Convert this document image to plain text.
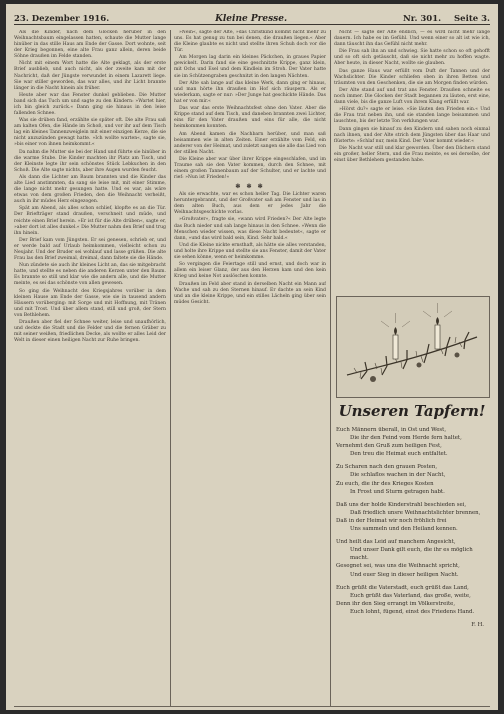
23. Dezember 1916.	Kleine Presse.	Nr. 301. Seite 3.

Als die Kinder, nach dem Glocken herüber in den Weihnachtsbaum eingelassen hatten, schaute die Mutter lange hinüber in das stille Haus am Ende der Gasse. Dort wohnte, seit der Krieg begonnen, eine alte Frau ganz allein, deren beide Söhne draußen im Felde standen.

Nicht mit einem Wort hatte die Alte geklagt, als der erste Brief ausblieb, und auch nicht, als der zweite kam mit der Nachricht, daß der Jüngste verwundet in einem Lazarett liege. Sie war stiller geworden, das war alles, und ihr Licht brannte länger in die Nacht hinein als früher.

Heute aber war das Fenster dunkel geblieben. Die Mutter band sich das Tuch um und sagte zu den Kindern: »Wartet hier, ich bin gleich zurück.« Dann ging sie hinaus in den leise fallenden Schnee.

Was sie drüben fand, erzählte sie später oft. Die alte Frau saß am kalten Ofen, die Hände im Schoß, und vor ihr auf dem Tisch lag ein kleines Tannenzweiglein mit einer einzigen Kerze, die sie nicht anzuzünden gewagt hatte. »Ich wollte warten«, sagte sie, »bis einer von ihnen heimkommt.«

Da nahm die Mutter sie bei der Hand und führte sie hinüber in die warme Stube. Die Kinder machten ihr Platz am Tisch, und der Kleinste legte ihr sein schönstes Stück Lebkuchen in den Schoß. Die Alte sagte nichts, aber ihre Augen wurden feucht.

Als dann die Lichter am Baum brannten und die Kinder das alte Lied anstimmten, da sang sie leise mit, mit einer Stimme, die lange nicht mehr gesungen hatte. Und es war, als wäre etwas von dem großen Frieden, den die Weihnacht verheißt, auch in ihr müdes Herz eingezogen.

Spät am Abend, als alles schon schlief, klopfte es an die Tür. Der Briefträger stand draußen, verschneit und müde, und reichte einen Brief herein. »Er ist für die Alte drüben«, sagte er, »aber dort ist alles dunkel.« Die Mutter nahm den Brief und trug ihn hinein.

Der Brief kam vom Jüngsten. Er sei genesen, schrieb er, und er werde bald auf Urlaub heimkommen, vielleicht schon zu Neujahr. Und der Bruder sei wohlauf und lasse grüßen. Die alte Frau las den Brief zweimal, dreimal, dann faltete sie die Hände.

Nun zündete sie auch ihr kleines Licht an, das sie mitgebracht hatte, und stellte es neben die anderen Kerzen unter den Baum. Es brannte so still und klar wie die andern alle, und die Mutter meinte, es sei das schönste von allen gewesen.

So ging die Weihnacht des Kriegsjahres vorüber in dem kleinen Hause am Ende der Gasse, wie sie in tausend andern Häusern vorüberging: mit Sorge und mit Hoffnung, mit Tränen und mit Trost. Und über allem stand, still und groß, der Stern von Bethlehem.

Draußen aber fiel der Schnee weiter, leise und unaufhörlich, und deckte die Stadt und die Felder und die fernen Gräber zu mit seiner weißen, friedlichen Decke, als wollte er alles Leid der Welt in dieser einen heiligen Nacht zur Ruhe bringen.

»Nein«, sagte der Alte, »das Christkind kommt nicht mehr zu uns. Es hat genug zu tun bei denen, die draußen liegen.« Aber die Kleine glaubte es nicht und stellte ihren Schuh doch vor die Tür.

Am Morgen lag darin ein kleines Päckchen, in graues Papier gewickelt. Darin fand sie eine geschnitzte Krippe, ganz klein, mit Ochs und Esel und dem Kindlein im Stroh. Der Vater hatte sie im Schützengraben geschnitzt in den langen Nächten.

Der Alte sah lange auf das kleine Werk, dann ging er hinaus, und man hörte ihn draußen im Hof sich räuspern. Als er wiederkam, sagte er nur: »Der Junge hat geschickte Hände. Das hat er von mir.«

Das war das erste Weihnachtsfest ohne den Vater. Aber die Krippe stand auf dem Tisch, und daneben brannten zwei Lichter, eins für den Vater draußen und eins für alle, die nicht heimkommen konnten.

Am Abend kamen die Nachbarn herüber, und man saß beisammen wie in alten Zeiten. Einer erzählte vom Feld, ein anderer von der Heimat, und zuletzt sangen sie alle das Lied von der stillen Nacht.

Die Kleine aber war über ihrer Krippe eingeschlafen, und im Traume sah sie den Vater kommen, durch den Schnee, mit einem großen Tannenbaum auf der Schulter, und er lachte und rief: »Nun ist Frieden!«

✻ ✻ ✻

Als sie erwachte, war es schon heller Tag. Die Lichter waren heruntergebrannt, und der Großvater saß am Fenster und las in dem alten Buch, aus dem er jedes Jahr die Weihnachtsgeschichte vorlas.

»Großvater«, fragte sie, »wann wird Frieden?« Der Alte legte das Buch nieder und sah lange hinaus in den Schnee. »Wenn die Menschen wieder wissen, was diese Nacht bedeutet«, sagte er dann, »und das wird bald sein, Kind. Sehr bald.«

Und die Kleine nickte ernsthaft, als hätte sie alles verstanden, und holte ihre Krippe und stellte sie ans Fenster, damit der Vater sie sehen könne, wenn er heimkomme.

So vergingen die Feiertage still und ernst, und doch war in allem ein leiser Glanz, der aus den Herzen kam und den kein Krieg und keine Not auslöschen konnte.

Draußen im Feld aber stand in derselben Nacht ein Mann auf Wache und sah zu den Sternen hinauf. Er dachte an sein Kind und an die kleine Krippe, und ein stilles Lächeln ging über sein müdes Gesicht.

Nicht — sagte der Alte endlich, — es wird nicht mehr lange dauern. Ich habe es im Gefühl. Und wenn einer so alt ist wie ich, dann täuscht ihn das Gefühl nicht mehr.

Die Frau sah ihn an und schwieg. Sie hatte schon so oft gehofft und so oft sich getäuscht, daß sie nicht mehr zu hoffen wagte. Aber heute, in dieser Nacht, wollte sie glauben.

Das ganze Haus war erfüllt vom Duft der Tannen und der Wachslichter. Die Kinder schliefen oben in ihren Betten und träumten von den Geschenken, die sie am Morgen finden würden.

Der Alte stand auf und trat ans Fenster. Draußen schneite es noch immer. Die Glocken der Stadt begannen zu läuten, erst eine, dann viele, bis die ganze Luft von ihrem Klang erfüllt war.

»Hörst du?« sagte er leise. »Sie läuten den Frieden ein.« Und die Frau trat neben ihn, und sie standen lange beisammen und lauschten, bis der letzte Ton verklungen war.

Dann gingen sie hinauf zu den Kindern und sahen noch einmal nach ihnen, und der Alte strich dem Jüngsten über das Haar und flüsterte: »Schlaf nur, mein Kind. Der Vater kommt wieder.«

Die Nacht war still und klar geworden. Über den Dächern stand ein großer, heller Stern, und die Frau meinte, es sei derselbe, der einst über Bethlehem gestanden habe.

Unseren Tapfern!
Euch Männern überall, in Ost und West,
Die ihr den Feind vom Herde fern haltet,
Vernehmt den Gruß zum heiligen Fest,
Den treu die Heimat euch entfaltet.
Zu Scharen nach den grauen Posten,
Die schlaflos wachen in der Nacht,
Zu euch, die ihr des Krieges Kosten
In Frost und Sturm getragen habt.
Daß uns der holde Kinderstrahl beschieden sei,
Daß friedlich unsre Weihnachtslichter brennen,
Daß in der Heimat wir noch fröhlich frei
Uns sammeln und den Heiland kennen.
Und heilt das Leid auf manchem Angesicht,
Und unser Dank gilt euch, die ihr es möglich macht.
Gesegnet sei, was uns die Weihnacht spricht,
Und euer Sieg in dieser heiligen Nacht.
Euch grüßt die Vaterstadt, euch grüßt das Land,
Euch grüßt das Vaterland, das große, weite,
Denn ihr den Sieg errangt im Völkerstreite,
Euch lohnt, fügend, einst des Friedens Hand.
F. H.
